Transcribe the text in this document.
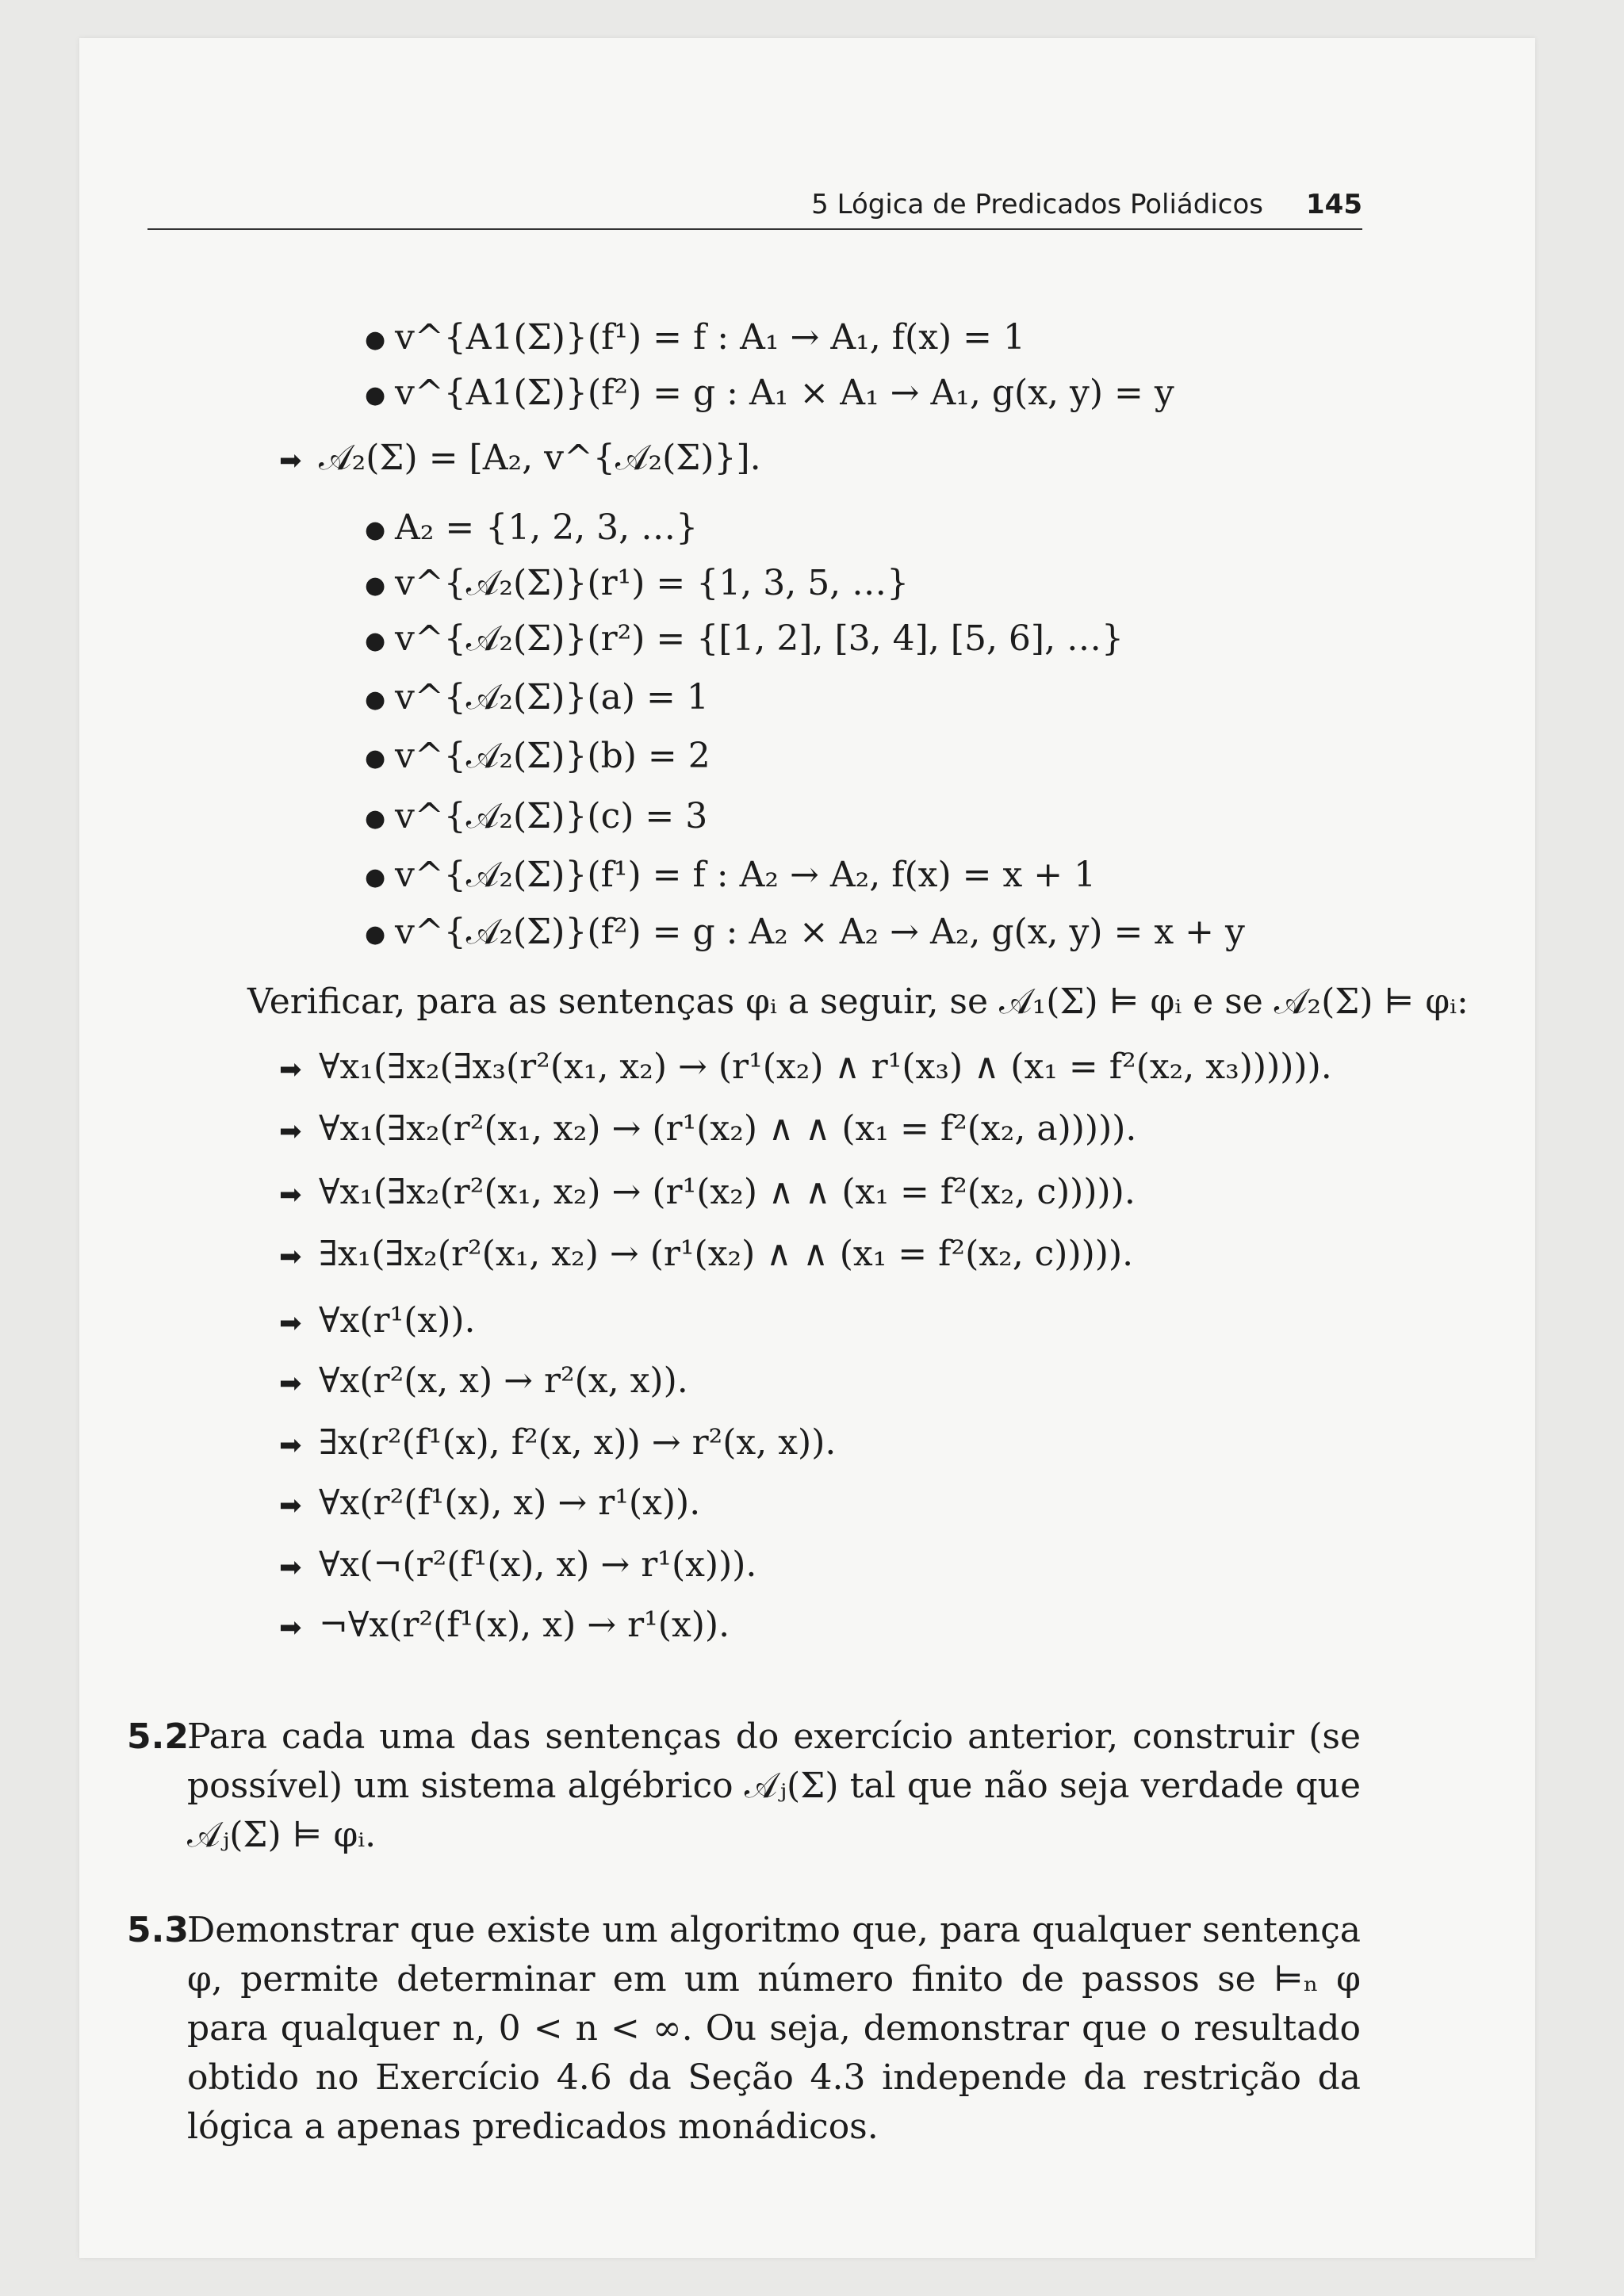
5 Lógica de Predicados Poliádicos 145
● v^{A1(Σ)}(f¹) = f : A₁ → A₁, f(x) = 1
● v^{A1(Σ)}(f²) = g : A₁ × A₁ → A₁, g(x, y) = y
➡ 𝒜₂(Σ) = [A₂, v^{𝒜₂(Σ)}].
● A₂ = {1, 2, 3, …}
● v^{𝒜₂(Σ)}(r¹) = {1, 3, 5, …}
● v^{𝒜₂(Σ)}(r²) = {[1, 2], [3, 4], [5, 6], …}
● v^{𝒜₂(Σ)}(a) = 1
● v^{𝒜₂(Σ)}(b) = 2
● v^{𝒜₂(Σ)}(c) = 3
● v^{𝒜₂(Σ)}(f¹) = f : A₂ → A₂, f(x) = x + 1
● v^{𝒜₂(Σ)}(f²) = g : A₂ × A₂ → A₂, g(x, y) = x + y
Verificar, para as sentenças φᵢ a seguir, se 𝒜₁(Σ) ⊨ φᵢ e se 𝒜₂(Σ) ⊨ φᵢ:
➡ ∀x₁(∃x₂(∃x₃(r²(x₁, x₂) → (r¹(x₂) ∧ r¹(x₃) ∧ (x₁ = f²(x₂, x₃)))))).
➡ ∀x₁(∃x₂(r²(x₁, x₂) → (r¹(x₂) ∧ ∧ (x₁ = f²(x₂, a))))).
➡ ∀x₁(∃x₂(r²(x₁, x₂) → (r¹(x₂) ∧ ∧ (x₁ = f²(x₂, c))))).
➡ ∃x₁(∃x₂(r²(x₁, x₂) → (r¹(x₂) ∧ ∧ (x₁ = f²(x₂, c))))).
➡ ∀x(r¹(x)).
➡ ∀x(r²(x, x) → r²(x, x)).
➡ ∃x(r²(f¹(x), f²(x, x)) → r²(x, x)).
➡ ∀x(r²(f¹(x), x) → r¹(x)).
➡ ∀x(¬(r²(f¹(x), x) → r¹(x))).
➡ ¬∀x(r²(f¹(x), x) → r¹(x)).
5.2
Para cada uma das sentenças do exercício anterior, construir (se possível) um sistema algébrico 𝒜ⱼ(Σ) tal que não seja verdade que 𝒜ⱼ(Σ) ⊨ φᵢ.
5.3
Demonstrar que existe um algoritmo que, para qualquer sentença φ, permite determinar em um número finito de passos se ⊨ₙ φ para qualquer n, 0 < n < ∞. Ou seja, demonstrar que o resultado obtido no Exercício 4.6 da Seção 4.3 independe da restrição da lógica a apenas predicados monádicos.
